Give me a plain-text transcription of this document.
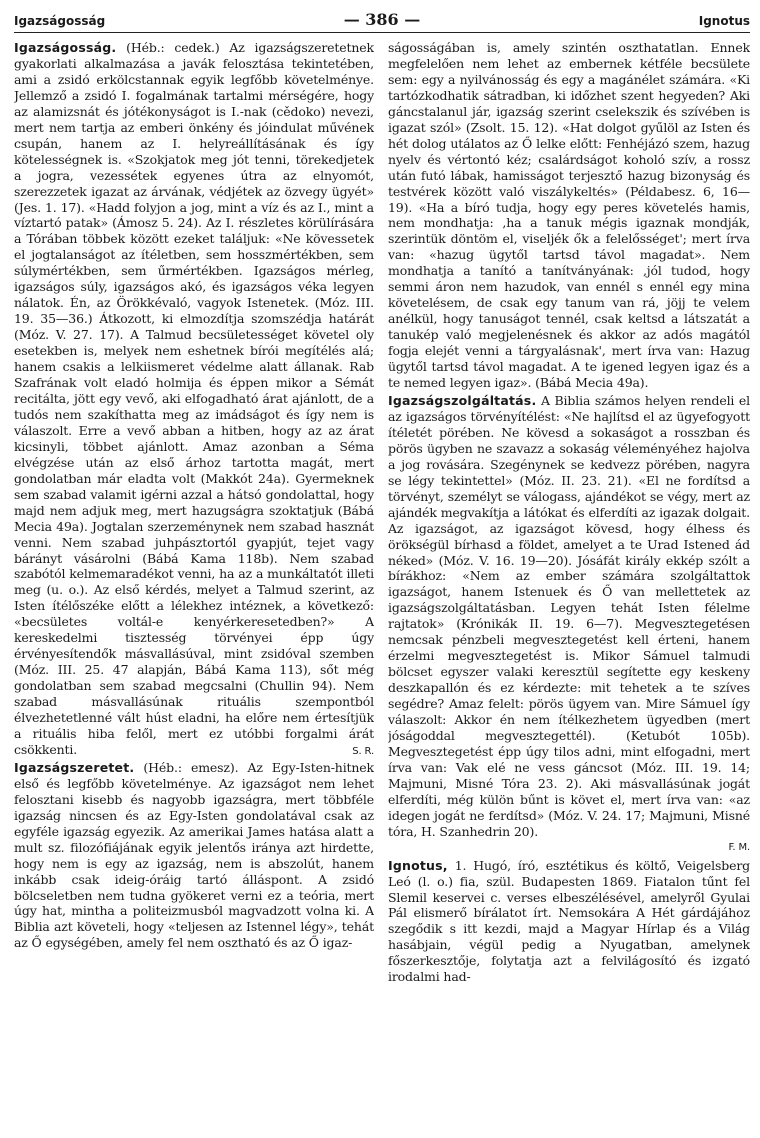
Igazságosság	— 386 —	Ignotus

Igazságosság. (Héb.: cedek.) Az igazságszeretetnek gyakorlati alkalmazása a javák felosztása tekintetében, ami a zsidó erkölcstannak egyik legfőbb követelménye. Jellemző a zsidó I. fogalmának tartalmi mérségére, hogy az alamizsnát és jótékonyságot is I.-nak (cědoko) nevezi, mert nem tartja az emberi önkény és jóindulat művének csupán, hanem az I. helyreállításának és így kötelességnek is. «Szokjatok meg jót tenni, törekedjetek a jogra, vezessétek egyenes útra az elnyomót, szerezzetek igazat az árvának, védjétek az özvegy ügyét» (Jes. 1. 17). «Hadd folyjon a jog, mint a víz és az I., mint a víztartó patak» (Ámosz 5. 24). Az I. részletes körülírására a Tórában többek között ezeket találjuk: «Ne kövessetek el jogtalanságot az ítéletben, sem hosszmértékben, sem súlymértékben, sem űrmértékben. Igazságos mérleg, igazságos súly, igazságos akó, és igazságos véka legyen nálatok. Én, az Örökkévaló, vagyok Istenetek. (Móz. III. 19. 35—36.) Átkozott, ki elmozdítja szomszédja határát (Móz. V. 27. 17). A Talmud becsületességet követel oly esetekben is, melyek nem eshetnek bírói megítélés alá; hanem csakis a lelkiismeret védelme alatt állanak. Rab Szafrának volt eladó holmija és éppen mikor a Sémát recitálta, jött egy vevő, aki elfogadható árat ajánlott, de a tudós nem szakíthatta meg az imádságot és így nem is válaszolt. Erre a vevő abban a hitben, hogy az az árat kicsinyli, többet ajánlott. Amaz azonban a Séma elvégzése után az első árhoz tartotta magát, mert gondolatban már eladta volt (Makkót 24a). Gyermeknek sem szabad valamit igérni azzal a hátsó gondolattal, hogy majd nem adjuk meg, mert hazugságra szoktatjuk (Bábá Mecia 49a). Jogtalan szerzeménynek nem szabad hasznát venni. Nem szabad juhpásztortól gyapjút, tejet vagy bárányt vásárolni (Bábá Kama 118b). Nem szabad szabótól kelmemaradékot venni, ha az a munkáltatót illeti meg (u. o.). Az első kérdés, melyet a Talmud szerint, az Isten ítélőszéke előtt a lélekhez intéznek, a következő: «becsületes voltál-e kenyérkeresetedben?» A kereskedelmi tisztesség törvényei épp úgy érvényesítendők másvallásúval, mint zsidóval szemben (Móz. III. 25. 47 alapján, Bábá Kama 113), sőt még gondolatban sem szabad megcsalni (Chullin 94). Nem szabad másvallásúnak rituális szempontból élvezhetetlenné vált húst eladni, ha előre nem értesítjük a rituális hiba felől, mert ez utóbbi forgalmi árát csökkenti.	S. R.

Igazságszeretet. (Héb.: emesz). Az Egy-Isten-hitnek első és legfőbb követelménye. Az igazságot nem lehet felosztani kisebb és nagyobb igazságra, mert többféle igazság nincsen és az Egy-Isten gondolatával csak az egyféle igazság egyezik. Az amerikai James hatása alatt a mult sz. filozófiájának egyik jelentős iránya azt hirdette, hogy nem is egy az igazság, nem is abszolút, hanem inkább csak ideig-óráig tartó álláspont. A zsidó bölcseletben nem tudna gyökeret verni ez a teória, mert úgy hat, mintha a politeizmusból magvadzott volna ki. A Biblia azt követeli, hogy «teljesen az Istennel légy», tehát az Ő egységében, amely fel nem osztható és az Ő igaz-

ságosságában is, amely szintén oszthatatlan. Ennek megfelelően nem lehet az embernek kétféle becsülete sem: egy a nyilvánosság és egy a magánélet számára. «Ki tartózkodhatik sátradban, ki időzhet szent hegyeden? Aki gáncstalanul jár, igazság szerint cselekszik és szívében is igazat szól» (Zsolt. 15. 12). «Hat dolgot gyűlöl az Isten és hét dolog utálatos az Ő lelke előtt: Fenhéjázó szem, hazug nyelv és vértontó kéz; csalárdságot koholó szív, a rossz után futó lábak, hamisságot terjesztő hazug bizonyság és testvérek között való viszálykeltés» (Példabesz. 6, 16—19). «Ha a bíró tudja, hogy egy peres követelés hamis, nem mondhatja: ,ha a tanuk mégis igaznak mondják, szerintük döntöm el, viseljék ők a felelősséget'; mert írva van: «hazug ügytől tartsd távol magadat». Nem mondhatja a tanító a tanítványának: ,jól tudod, hogy semmi áron nem hazudok, van ennél s ennél egy mina követelésem, de csak egy tanum van rá, jöjj te velem anélkül, hogy tanuságot tennél, csak keltsd a látszatát a tanukép való megjelenésnek és akkor az adós magától fogja elejét venni a tárgyalásnak', mert írva van: Hazug ügytől tartsd távol magadat. A te igened legyen igaz és a te nemed legyen igaz». (Bábá Mecia 49a).

Igazságszolgáltatás. A Biblia számos helyen rendeli el az igazságos törvényítélést: «Ne hajlítsd el az ügyefogyott ítéletét pörében. Ne kövesd a sokaságot a rosszban és pörös ügyben ne szavazz a sokaság véleményéhez hajolva a jog rovására. Szegénynek se kedvezz pörében, nagyra se légy tekintettel» (Móz. II. 23. 21). «El ne fordítsd a törvényt, személyt se válogass, ajándékot se végy, mert az ajándék megvakítja a látókat és elferdíti az igazak dolgait. Az igazságot, az igazságot kövesd, hogy élhess és örökségül bírhasd a földet, amelyet a te Urad Istened ád néked» (Móz. V. 16. 19—20). Jósáfát király ekkép szólt a bírákhoz: «Nem az ember számára szolgáltattok igazságot, hanem Istenuek és Ő van mellettetek az igazságszolgáltatásban. Legyen tehát Isten félelme rajtatok» (Krónikák II. 19. 6—7). Megvesztegetésen nemcsak pénzbeli megvesztegetést kell érteni, hanem érzelmi megvesztegetést is. Mikor Sámuel talmudi bölcset egyszer valaki keresztül segítette egy keskeny deszkapallón és ez kérdezte: mit tehetek a te szíves segédre? Amaz felelt: pörös ügyem van. Mire Sámuel így válaszolt: Akkor én nem ítélkezhetem ügyedben (mert jóságoddal megvesztegettél). (Ketubót 105b). Megvesztegetést épp úgy tilos adni, mint elfogadni, mert írva van: Vak elé ne vess gáncsot (Móz. III. 19. 14; Majmuni, Misné Tóra 23. 2). Aki másvallásúnak jogát elferdíti, még külön bűnt is követ el, mert írva van: «az idegen jogát ne ferdítsd» (Móz. V. 24. 17; Majmuni, Misné tóra, H. Szanhedrin 20).
F. M.

Ignotus, 1. Hugó, író, esztétikus és költő, Veigelsberg Leó (l. o.) fia, szül. Budapesten 1869. Fiatalon tűnt fel Slemil keservei c. verses elbeszélésével, amelyről Gyulai Pál elismerő bírálatot írt. Nemsokára A Hét gárdájához szegődik s itt kezdi, majd a Magyar Hírlap és a Világ hasábjain, végül pedig a Nyugatban, amelynek főszerkesztője, folytatja azt a felvilágosító és izgató irodalmi had-
